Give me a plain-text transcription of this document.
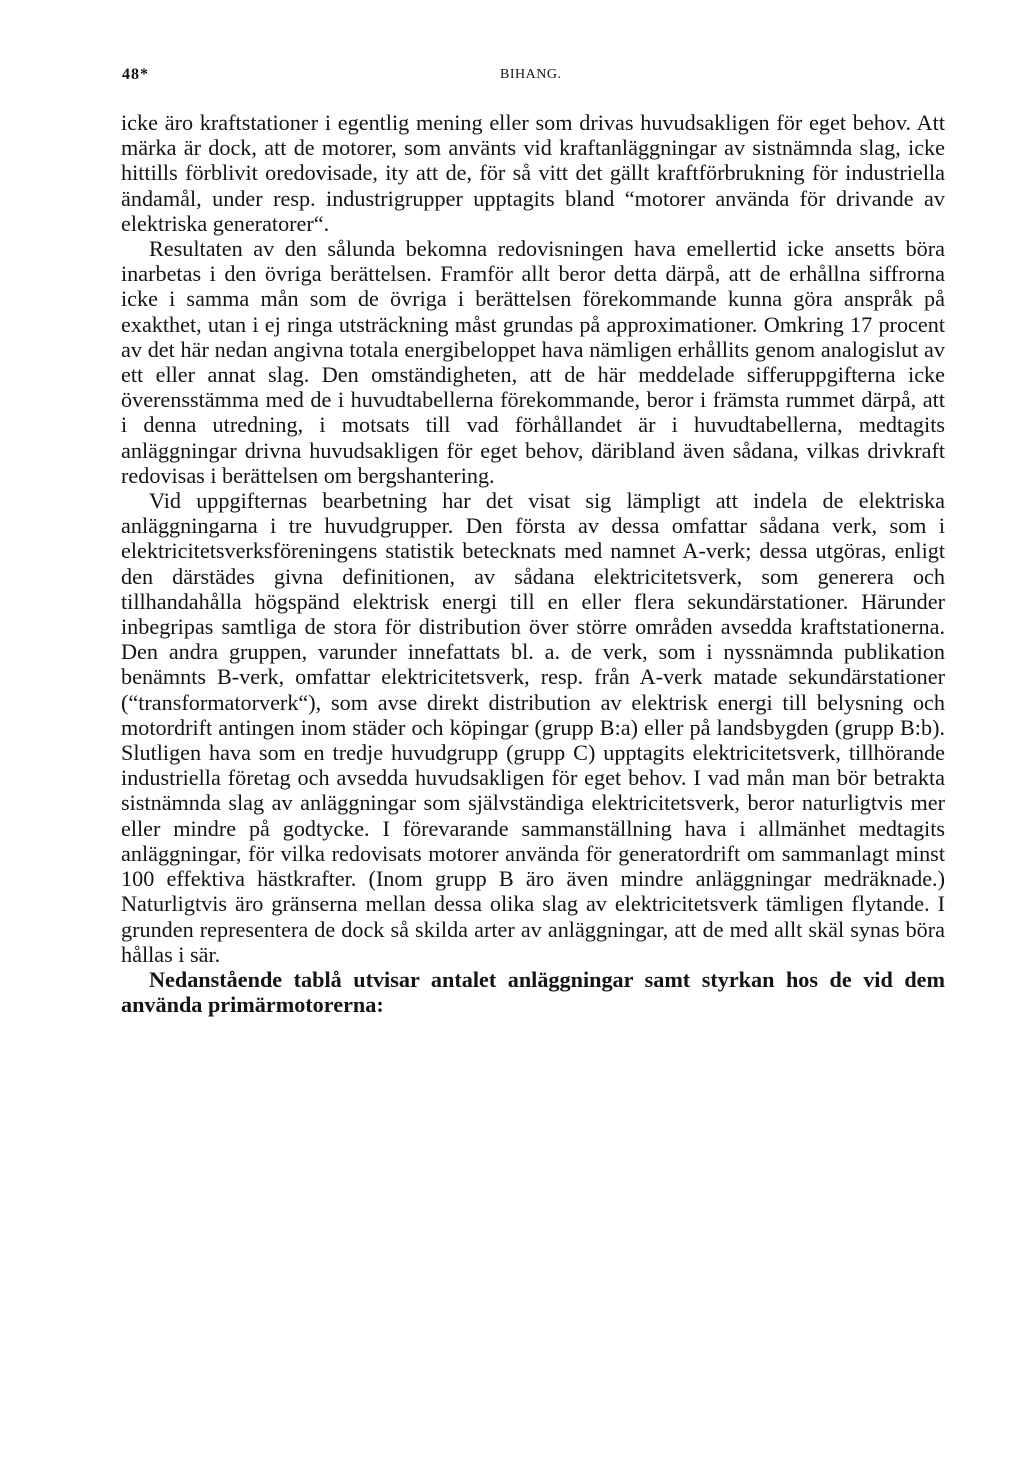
48*	BIHANG.

icke äro kraftstationer i egentlig mening eller som drivas huvudsakligen för eget behov. Att märka är dock, att de motorer, som använts vid kraftanläggningar av sistnämnda slag, icke hittills förblivit oredovisade, ity att de, för så vitt det gällt kraftförbrukning för industriella ändamål, under resp. industrigrupper upptagits bland “motorer använda för drivande av elektriska generatorer“.

Resultaten av den sålunda bekomna redovisningen hava emellertid icke ansetts böra inarbetas i den övriga berättelsen. Framför allt beror detta därpå, att de erhållna siffrorna icke i samma mån som de övriga i berättelsen förekommande kunna göra anspråk på exakthet, utan i ej ringa utsträckning måst grundas på approximationer. Omkring 17 procent av det här nedan angivna totala energibeloppet hava nämligen erhållits genom analogislut av ett eller annat slag. Den omständigheten, att de här meddelade sifferuppgifterna icke överensstämma med de i huvudtabellerna förekommande, beror i främsta rummet därpå, att i denna utredning, i motsats till vad förhållandet är i huvudtabellerna, medtagits anläggningar drivna huvudsakligen för eget behov, däribland även sådana, vilkas drivkraft redovisas i berättelsen om bergshantering.

Vid uppgifternas bearbetning har det visat sig lämpligt att indela de elektriska anläggningarna i tre huvudgrupper. Den första av dessa omfattar sådana verk, som i elektricitetsverksföreningens statistik betecknats med namnet A-verk; dessa utgöras, enligt den därstädes givna definitionen, av sådana elektricitetsverk, som generera och tillhandahålla högspänd elektrisk energi till en eller flera sekundärstationer. Härunder inbegripas samtliga de stora för distribution över större områden avsedda kraftstationerna. Den andra gruppen, varunder innefattats bl. a. de verk, som i nyssnämnda publikation benämnts B-verk, omfattar elektricitetsverk, resp. från A-verk matade sekundärstationer (“transformatorverk“), som avse direkt distribution av elektrisk energi till belysning och motordrift antingen inom städer och köpingar (grupp B:a) eller på landsbygden (grupp B:b). Slutligen hava som en tredje huvudgrupp (grupp C) upptagits elektricitetsverk, tillhörande industriella företag och avsedda huvudsakligen för eget behov. I vad mån man bör betrakta sistnämnda slag av anläggningar som självständiga elektricitetsverk, beror naturligtvis mer eller mindre på godtycke. I förevarande sammanställning hava i allmänhet medtagits anläggningar, för vilka redovisats motorer använda för generatordrift om sammanlagt minst 100 effektiva hästkrafter. (Inom grupp B äro även mindre anläggningar medräknade.) Naturligtvis äro gränserna mellan dessa olika slag av elektricitetsverk tämligen flytande. I grunden representera de dock så skilda arter av anläggningar, att de med allt skäl synas böra hållas i sär.

Nedanstående tablå utvisar antalet anläggningar samt styrkan hos de vid dem använda primärmotorerna:
